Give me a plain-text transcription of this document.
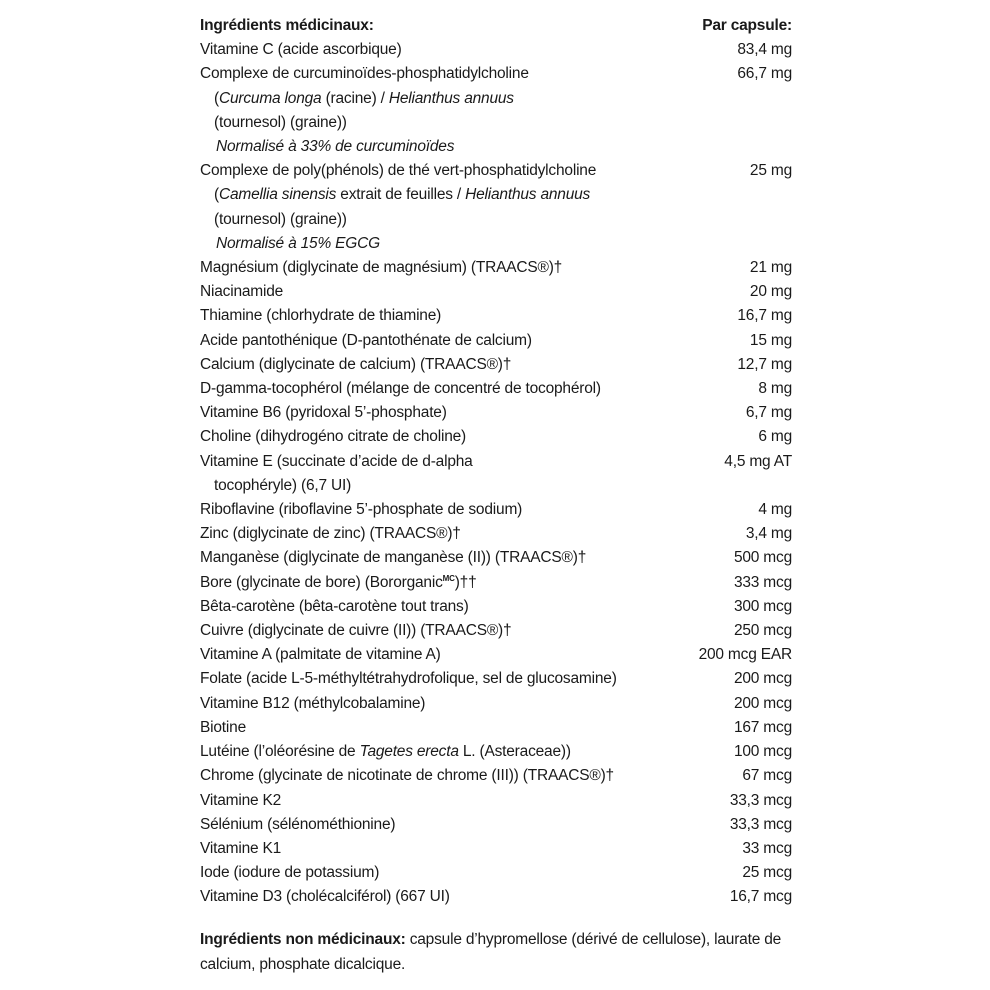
Ingrédients médicinaux:	Par capsule:
Vitamine C (acide ascorbique)	83,4 mg
Complexe de curcuminoïdes-phosphatidylcholine	66,7 mg
(Curcuma longa (racine) / Helianthus annuus
(tournesol) (graine))
Normalisé à 33% de curcuminoïdes
Complexe de poly(phénols) de thé vert-phosphatidylcholine	25 mg
(Camellia sinensis extrait de feuilles / Helianthus annuus
(tournesol) (graine))
Normalisé à 15% EGCG
Magnésium (diglycinate de magnésium) (TRAACS®)†	21 mg
Niacinamide	20 mg
Thiamine (chlorhydrate de thiamine)	16,7 mg
Acide pantothénique (D-pantothénate de calcium)	15 mg
Calcium (diglycinate de calcium) (TRAACS®)†	12,7 mg
D-gamma-tocophérol (mélange de concentré de tocophérol)	8 mg
Vitamine B6 (pyridoxal 5’-phosphate)	6,7 mg
Choline (dihydrogéno citrate de choline)	6 mg
Vitamine E (succinate d’acide de d-alpha	4,5 mg AT
tocophéryle) (6,7 UI)
Riboflavine (riboflavine 5’-phosphate de sodium)	4 mg
Zinc (diglycinate de zinc) (TRAACS®)†	3,4 mg
Manganèse (diglycinate de manganèse (II)) (TRAACS®)†	500 mcg
Bore (glycinate de bore) (Bororganic$^{MC}$)††	333 mcg
Bêta-carotène (bêta-carotène tout trans)	300 mcg
Cuivre (diglycinate de cuivre (II)) (TRAACS®)†	250 mcg
Vitamine A (palmitate de vitamine A)	200 mcg EAR
Folate (acide L-5-méthyltétrahydrofolique, sel de glucosamine)	200 mcg
Vitamine B12 (méthylcobalamine)	200 mcg
Biotine	167 mcg
Lutéine (l’oléorésine de Tagetes erecta L. (Asteraceae))	100 mcg
Chrome (glycinate de nicotinate de chrome (III)) (TRAACS®)†	67 mcg
Vitamine K2	33,3 mcg
Sélénium (sélénométhionine)	33,3 mcg
Vitamine K1	33 mcg
Iode (iodure de potassium)	25 mcg
Vitamine D3 (cholécalciférol) (667 UI)	16,7 mcg
Ingrédients non médicinaux: capsule d’hypromellose (dérivé de cellulose), laurate de calcium, phosphate dicalcique.
